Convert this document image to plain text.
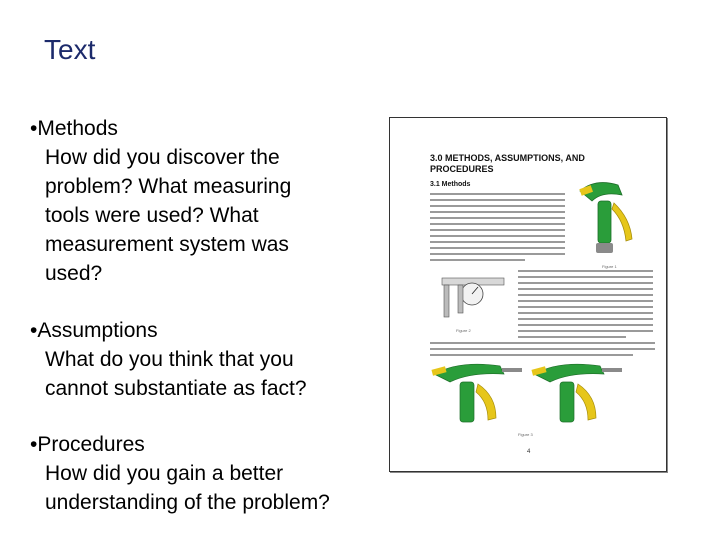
Text
•Methods
How did you discover the
problem? What measuring
tools were used? What
measurement system was
used?
•Assumptions
What do you think that you
cannot substantiate as fact?
•Procedures
How did you gain a better
understanding of the problem?
3.0 METHODS, ASSUMPTIONS, AND PROCEDURES
3.1 Methods
Figure 1
Figure 2
Figure 3
4
